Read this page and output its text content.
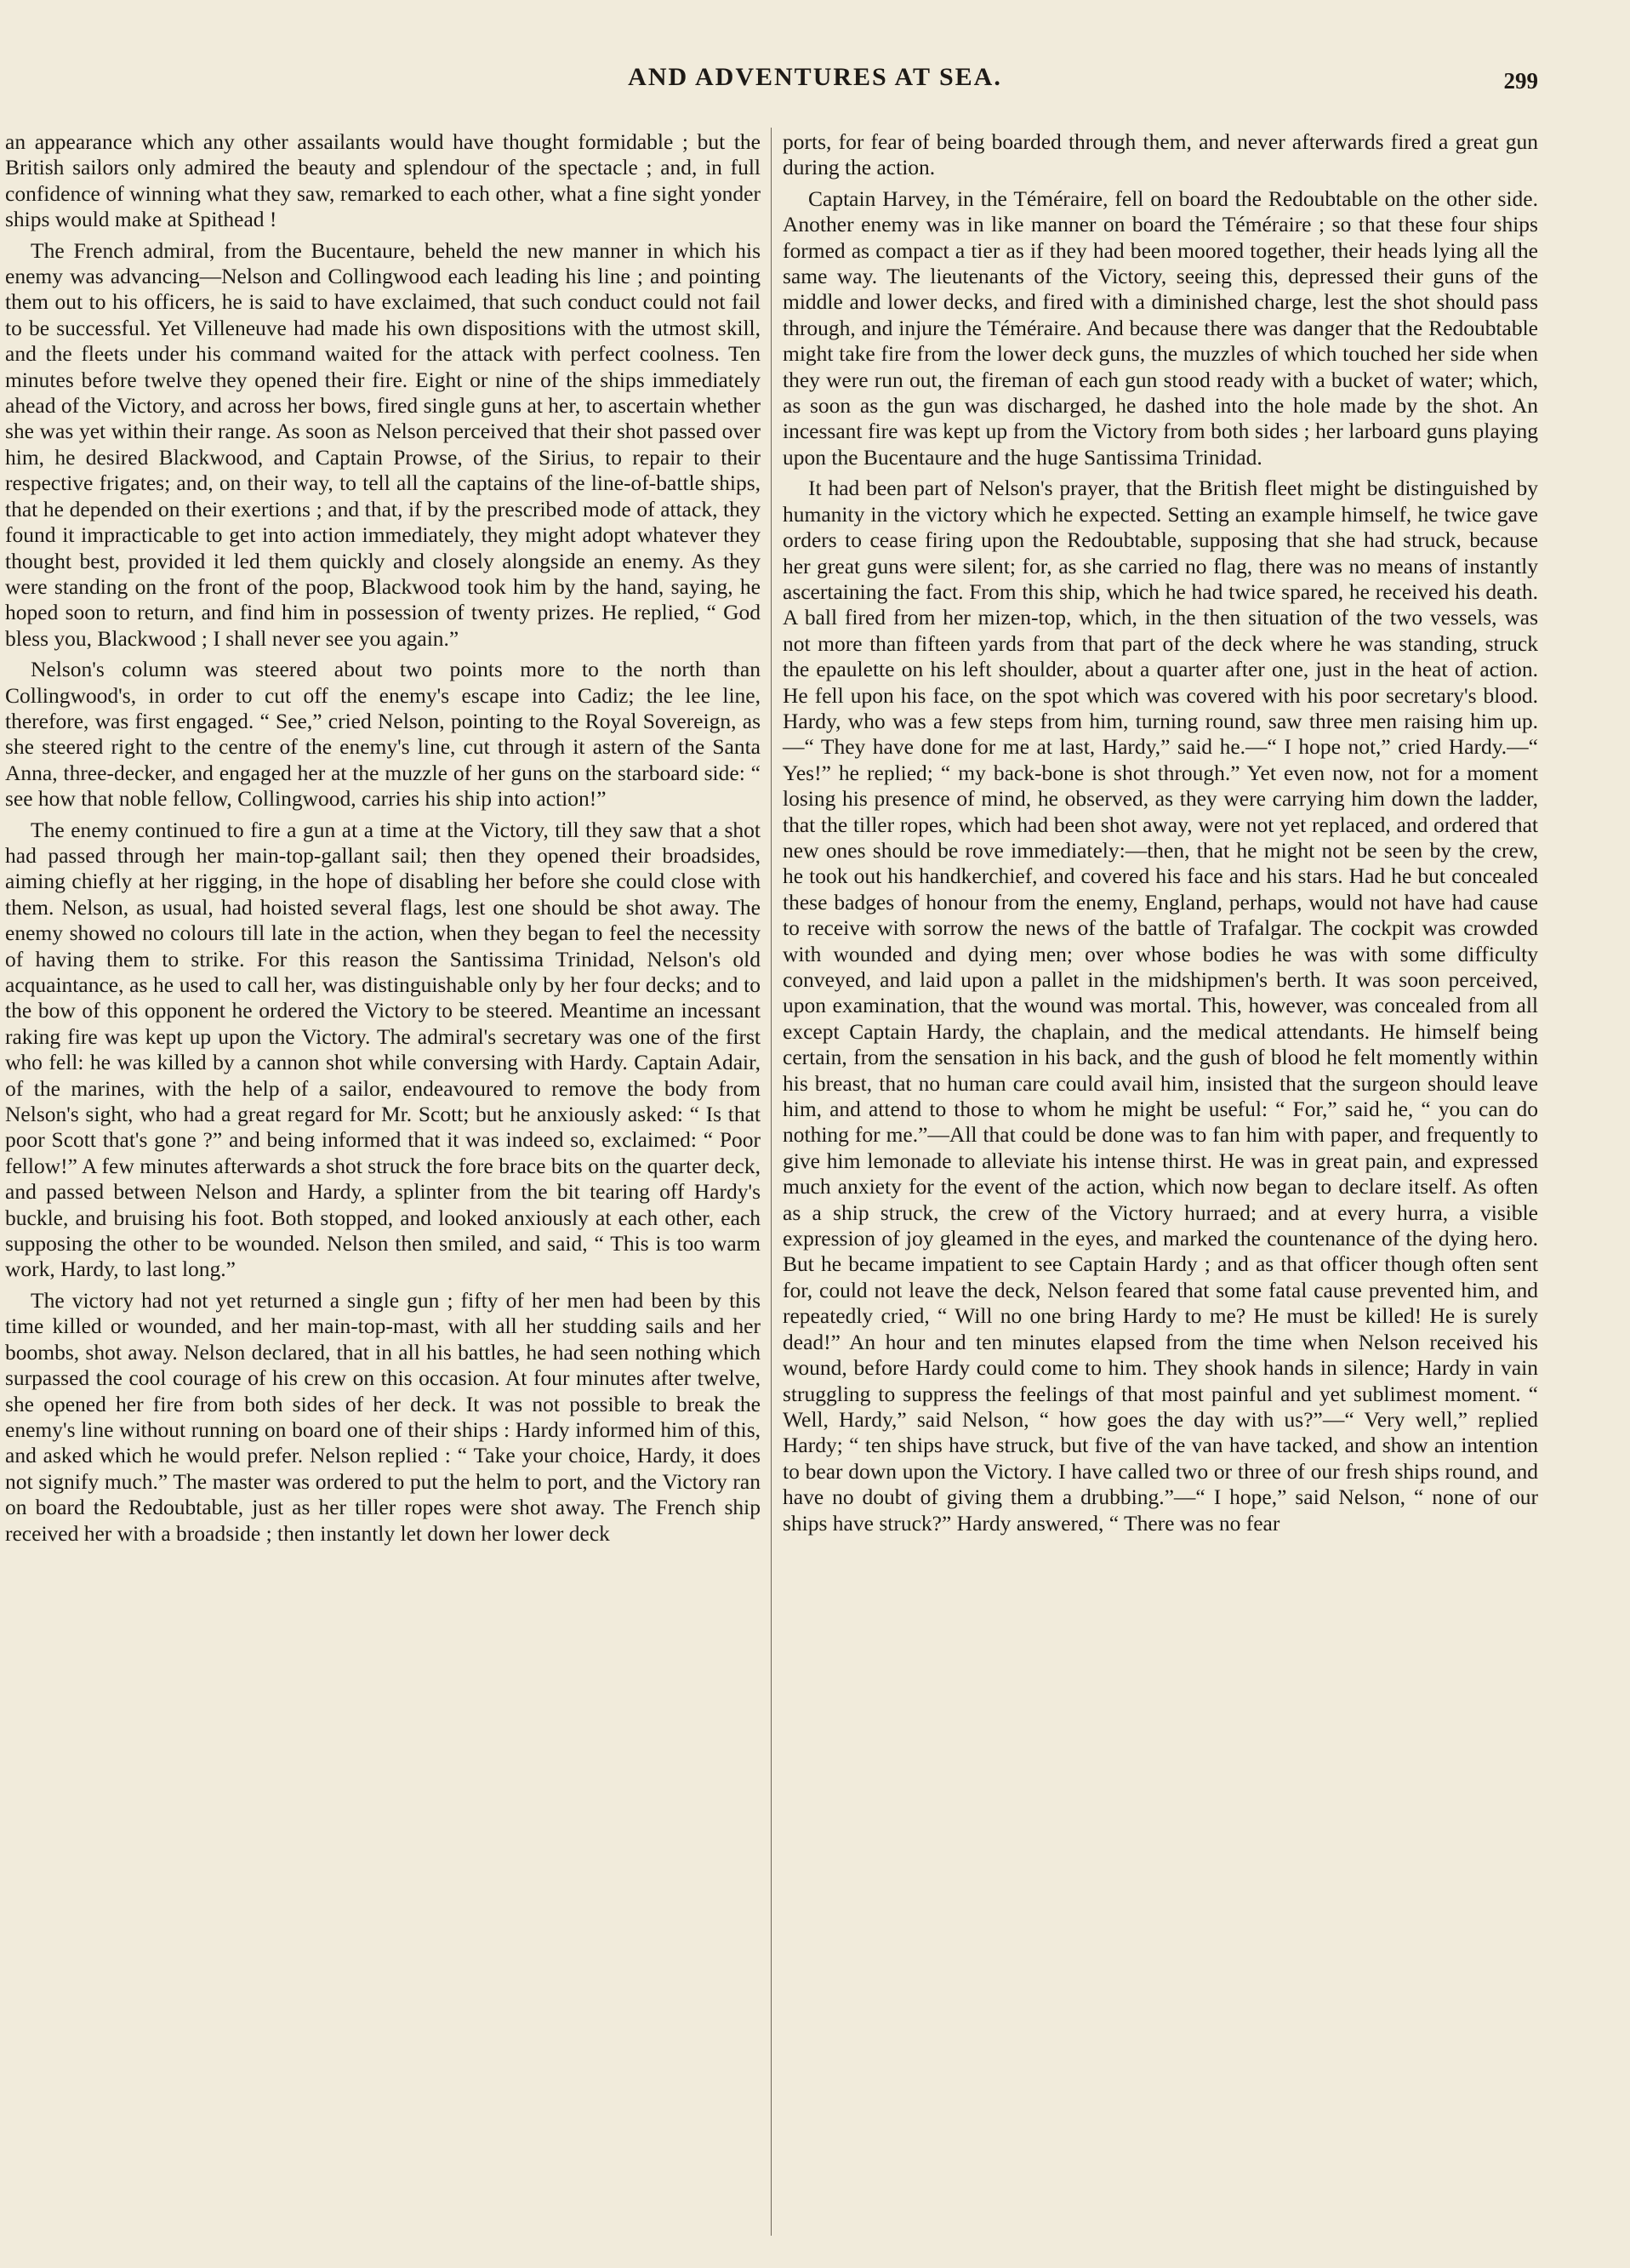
AND ADVENTURES AT SEA.	299

an appearance which any other assailants would have thought formidable ; but the British sailors only admired the beauty and splendour of the spectacle ; and, in full confidence of winning what they saw, remarked to each other, what a fine sight yonder ships would make at Spithead !

The French admiral, from the Bucentaure, beheld the new manner in which his enemy was advancing—Nelson and Collingwood each leading his line ; and pointing them out to his officers, he is said to have exclaimed, that such conduct could not fail to be successful. Yet Villeneuve had made his own dispositions with the utmost skill, and the fleets under his command waited for the attack with perfect coolness. Ten minutes before twelve they opened their fire. Eight or nine of the ships immediately ahead of the Victory, and across her bows, fired single guns at her, to ascertain whether she was yet within their range. As soon as Nelson perceived that their shot passed over him, he desired Blackwood, and Captain Prowse, of the Sirius, to repair to their respective frigates; and, on their way, to tell all the captains of the line-of-battle ships, that he depended on their exertions ; and that, if by the prescribed mode of attack, they found it impracticable to get into action immediately, they might adopt whatever they thought best, provided it led them quickly and closely alongside an enemy. As they were standing on the front of the poop, Blackwood took him by the hand, saying, he hoped soon to return, and find him in possession of twenty prizes. He replied, “ God bless you, Blackwood ; I shall never see you again.”

Nelson's column was steered about two points more to the north than Collingwood's, in order to cut off the enemy's escape into Cadiz; the lee line, therefore, was first engaged. “ See,” cried Nelson, pointing to the Royal Sovereign, as she steered right to the centre of the enemy's line, cut through it astern of the Santa Anna, three-decker, and engaged her at the muzzle of her guns on the starboard side: “ see how that noble fellow, Collingwood, carries his ship into action!”

The enemy continued to fire a gun at a time at the Victory, till they saw that a shot had passed through her main-top-gallant sail; then they opened their broadsides, aiming chiefly at her rigging, in the hope of disabling her before she could close with them. Nelson, as usual, had hoisted several flags, lest one should be shot away. The enemy showed no colours till late in the action, when they began to feel the necessity of having them to strike. For this reason the Santissima Trinidad, Nelson's old acquaintance, as he used to call her, was distinguishable only by her four decks; and to the bow of this opponent he ordered the Victory to be steered. Meantime an incessant raking fire was kept up upon the Victory. The admiral's secretary was one of the first who fell: he was killed by a cannon shot while conversing with Hardy. Captain Adair, of the marines, with the help of a sailor, endeavoured to remove the body from Nelson's sight, who had a great regard for Mr. Scott; but he anxiously asked: “ Is that poor Scott that's gone ?” and being informed that it was indeed so, exclaimed: “ Poor fellow!” A few minutes afterwards a shot struck the fore brace bits on the quarter deck, and passed between Nelson and Hardy, a splinter from the bit tearing off Hardy's buckle, and bruising his foot. Both stopped, and looked anxiously at each other, each supposing the other to be wounded. Nelson then smiled, and said, “ This is too warm work, Hardy, to last long.”

The victory had not yet returned a single gun ; fifty of her men had been by this time killed or wounded, and her main-top-mast, with all her studding sails and her boombs, shot away. Nelson declared, that in all his battles, he had seen nothing which surpassed the cool courage of his crew on this occasion. At four minutes after twelve, she opened her fire from both sides of her deck. It was not possible to break the enemy's line without running on board one of their ships : Hardy informed him of this, and asked which he would prefer. Nelson replied : “ Take your choice, Hardy, it does not signify much.” The master was ordered to put the helm to port, and the Victory ran on board the Redoubtable, just as her tiller ropes were shot away. The French ship received her with a broadside ; then instantly let down her lower deck

ports, for fear of being boarded through them, and never afterwards fired a great gun during the action.

Captain Harvey, in the Téméraire, fell on board the Redoubtable on the other side. Another enemy was in like manner on board the Téméraire ; so that these four ships formed as compact a tier as if they had been moored together, their heads lying all the same way. The lieutenants of the Victory, seeing this, depressed their guns of the middle and lower decks, and fired with a diminished charge, lest the shot should pass through, and injure the Téméraire. And because there was danger that the Redoubtable might take fire from the lower deck guns, the muzzles of which touched her side when they were run out, the fireman of each gun stood ready with a bucket of water; which, as soon as the gun was discharged, he dashed into the hole made by the shot. An incessant fire was kept up from the Victory from both sides ; her larboard guns playing upon the Bucentaure and the huge Santissima Trinidad.

It had been part of Nelson's prayer, that the British fleet might be distinguished by humanity in the victory which he expected. Setting an example himself, he twice gave orders to cease firing upon the Redoubtable, supposing that she had struck, because her great guns were silent; for, as she carried no flag, there was no means of instantly ascertaining the fact. From this ship, which he had twice spared, he received his death. A ball fired from her mizen-top, which, in the then situation of the two vessels, was not more than fifteen yards from that part of the deck where he was standing, struck the epaulette on his left shoulder, about a quarter after one, just in the heat of action. He fell upon his face, on the spot which was covered with his poor secretary's blood. Hardy, who was a few steps from him, turning round, saw three men raising him up.—“ They have done for me at last, Hardy,” said he.—“ I hope not,” cried Hardy.—“ Yes!” he replied; “ my back-bone is shot through.” Yet even now, not for a moment losing his presence of mind, he observed, as they were carrying him down the ladder, that the tiller ropes, which had been shot away, were not yet replaced, and ordered that new ones should be rove immediately:—then, that he might not be seen by the crew, he took out his handkerchief, and covered his face and his stars. Had he but concealed these badges of honour from the enemy, England, perhaps, would not have had cause to receive with sorrow the news of the battle of Trafalgar. The cockpit was crowded with wounded and dying men; over whose bodies he was with some difficulty conveyed, and laid upon a pallet in the midshipmen's berth. It was soon perceived, upon examination, that the wound was mortal. This, however, was concealed from all except Captain Hardy, the chaplain, and the medical attendants. He himself being certain, from the sensation in his back, and the gush of blood he felt momently within his breast, that no human care could avail him, insisted that the surgeon should leave him, and attend to those to whom he might be useful: “ For,” said he, “ you can do nothing for me.”—All that could be done was to fan him with paper, and frequently to give him lemonade to alleviate his intense thirst. He was in great pain, and expressed much anxiety for the event of the action, which now began to declare itself. As often as a ship struck, the crew of the Victory hurraed; and at every hurra, a visible expression of joy gleamed in the eyes, and marked the countenance of the dying hero. But he became impatient to see Captain Hardy ; and as that officer though often sent for, could not leave the deck, Nelson feared that some fatal cause prevented him, and repeatedly cried, “ Will no one bring Hardy to me? He must be killed! He is surely dead!” An hour and ten minutes elapsed from the time when Nelson received his wound, before Hardy could come to him. They shook hands in silence; Hardy in vain struggling to suppress the feelings of that most painful and yet sublimest moment. “ Well, Hardy,” said Nelson, “ how goes the day with us?”—“ Very well,” replied Hardy; “ ten ships have struck, but five of the van have tacked, and show an intention to bear down upon the Victory. I have called two or three of our fresh ships round, and have no doubt of giving them a drubbing.”—“ I hope,” said Nelson, “ none of our ships have struck?” Hardy answered, “ There was no fear
